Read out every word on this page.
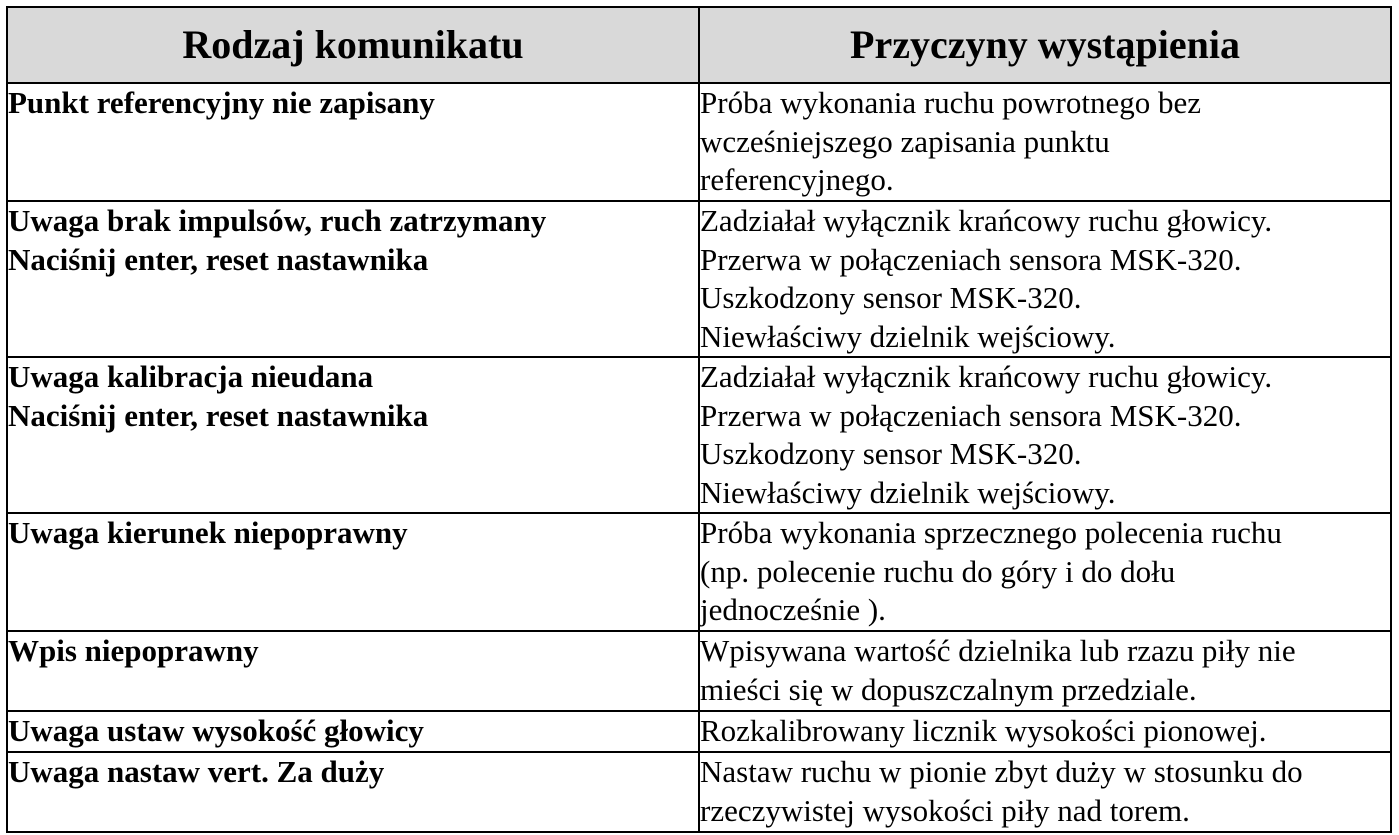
Rodzaj komunikatu	Przyczyny wystąpienia

Punkt referencyjny nie zapisany	Próba wykonania ruchu powrotnego bez
wcześniejszego zapisania punktu
referencyjnego.

Uwaga brak impulsów, ruch zatrzymany
Naciśnij enter, reset nastawnika	Zadziałał wyłącznik krańcowy ruchu głowicy.
Przerwa w połączeniach sensora MSK-320.
Uszkodzony sensor MSK-320.
Niewłaściwy dzielnik wejściowy.

Uwaga kalibracja nieudana
Naciśnij enter, reset nastawnika	Zadziałał wyłącznik krańcowy ruchu głowicy.
Przerwa w połączeniach sensora MSK-320.
Uszkodzony sensor MSK-320.
Niewłaściwy dzielnik wejściowy.

Uwaga kierunek niepoprawny	Próba wykonania sprzecznego polecenia ruchu
(np. polecenie ruchu do góry i do dołu
jednocześnie ).

Wpis niepoprawny	Wpisywana wartość dzielnika lub rzazu piły nie
mieści się w dopuszczalnym przedziale.

Uwaga ustaw wysokość głowicy	Rozkalibrowany licznik wysokości pionowej.

Uwaga nastaw vert. Za duży	Nastaw ruchu w pionie zbyt duży w stosunku do
rzeczywistej wysokości piły nad torem.
